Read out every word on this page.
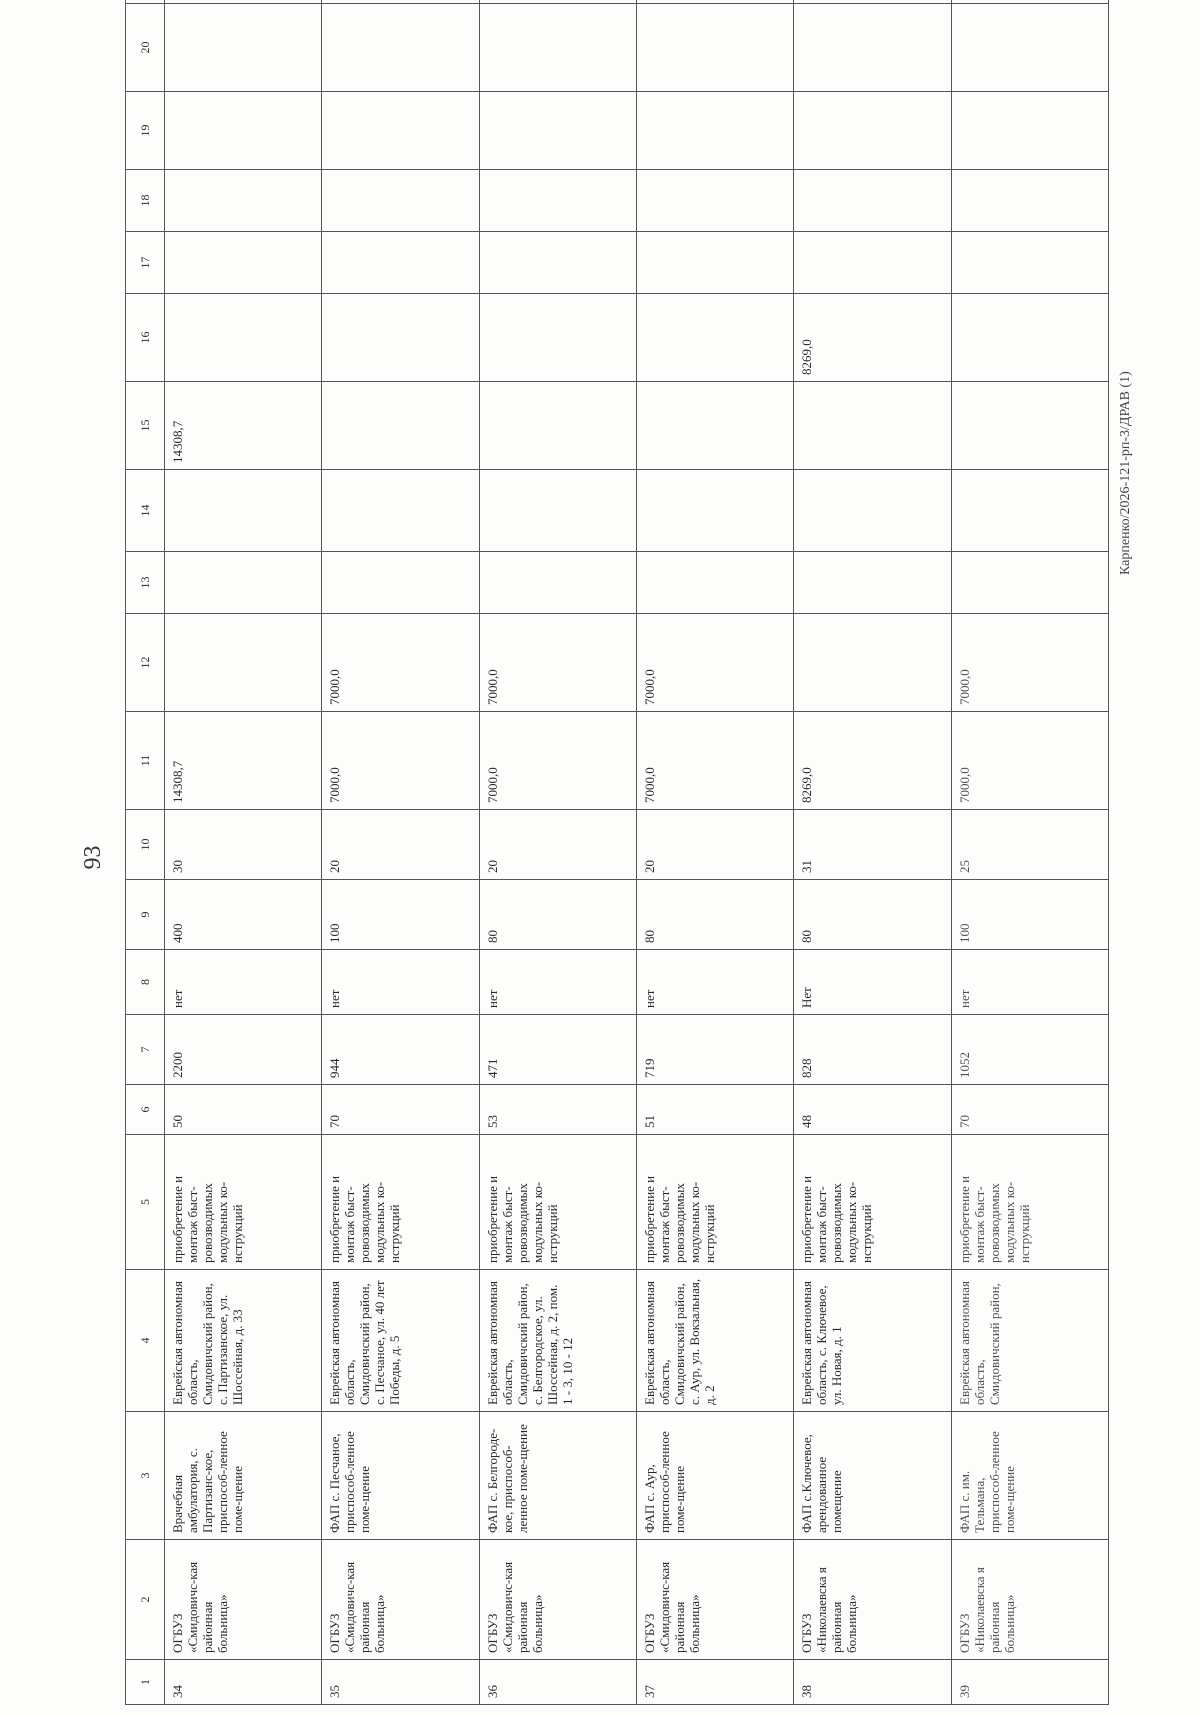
93
1	2	3	4	5	6	7	8	9	10	11	12	13	14	15	16	17	18	19	20	
34	ОГБУЗ «Смидовичс-кая районная больница»	Врачебная амбулатория, с. Партизанс-кое, приспособ-ленное поме-щение	Еврейская автономная область, Смидовичский район, с. Партизанское, ул. Шоссейная, д. 33	приобретение и монтаж быст-ровозводимых модульных ко-нструкций	50	2200	нет	400	30	14308,7				14308,7						
35	ОГБУЗ «Смидовичс-кая районная больница»	ФАП с. Песчаное, приспособ-ленное поме-щение	Еврейская автономная область, Смидовичский район, с. Песчаное, ул. 40 лет Победы, д. 5	приобретение и монтаж быст-ровозводимых модульных ко-нструкций	70	944	нет	100	20	7000,0	7000,0									
36	ОГБУЗ «Смидовичс-кая районная больница»	ФАП с. Белгороде-кое, приспособ-ленное поме-щение	Еврейская автономная область, Смидовичский район, с. Белгородское, ул. Шоссейная, д. 2, пом. 1 - 3, 10 - 12	приобретение и монтаж быст-ровозводимых модульных ко-нструкций	53	471	нет	80	20	7000,0	7000,0									
37	ОГБУЗ «Смидовичс-кая районная больница»	ФАП с. Аур, приспособ-ленное поме-щение	Еврейская автономная область, Смидовичский район, с. Аур, ул. Вокзальная, д. 2	приобретение и монтаж быст-ровозводимых модульных ко-нструкций	51	719	нет	80	20	7000,0	7000,0									
38	ОГБУЗ «Николаевска я районная больница»	ФАП с.Ключевое, арендованное помещение	Еврейская автономная область, с. Ключевое, ул. Новая, д. 1	приобретение и монтаж быст-ровозводимых модульных ко-нструкций	48	828	Нет	80	31	8269,0					8269,0					
39	ОГБУЗ «Николаевска я районная больница»	ФАП с. им. Тельмана, приспособ-ленное поме-щение	Еврейская автономная область, Смидовичский район,	приобретение и монтаж быст-ровозводимых модульных ко-нструкций	70	1052	нет	100	25	7000,0	7000,0									
Карпенко/2026-121-рп-3/ДРАВ (1)
